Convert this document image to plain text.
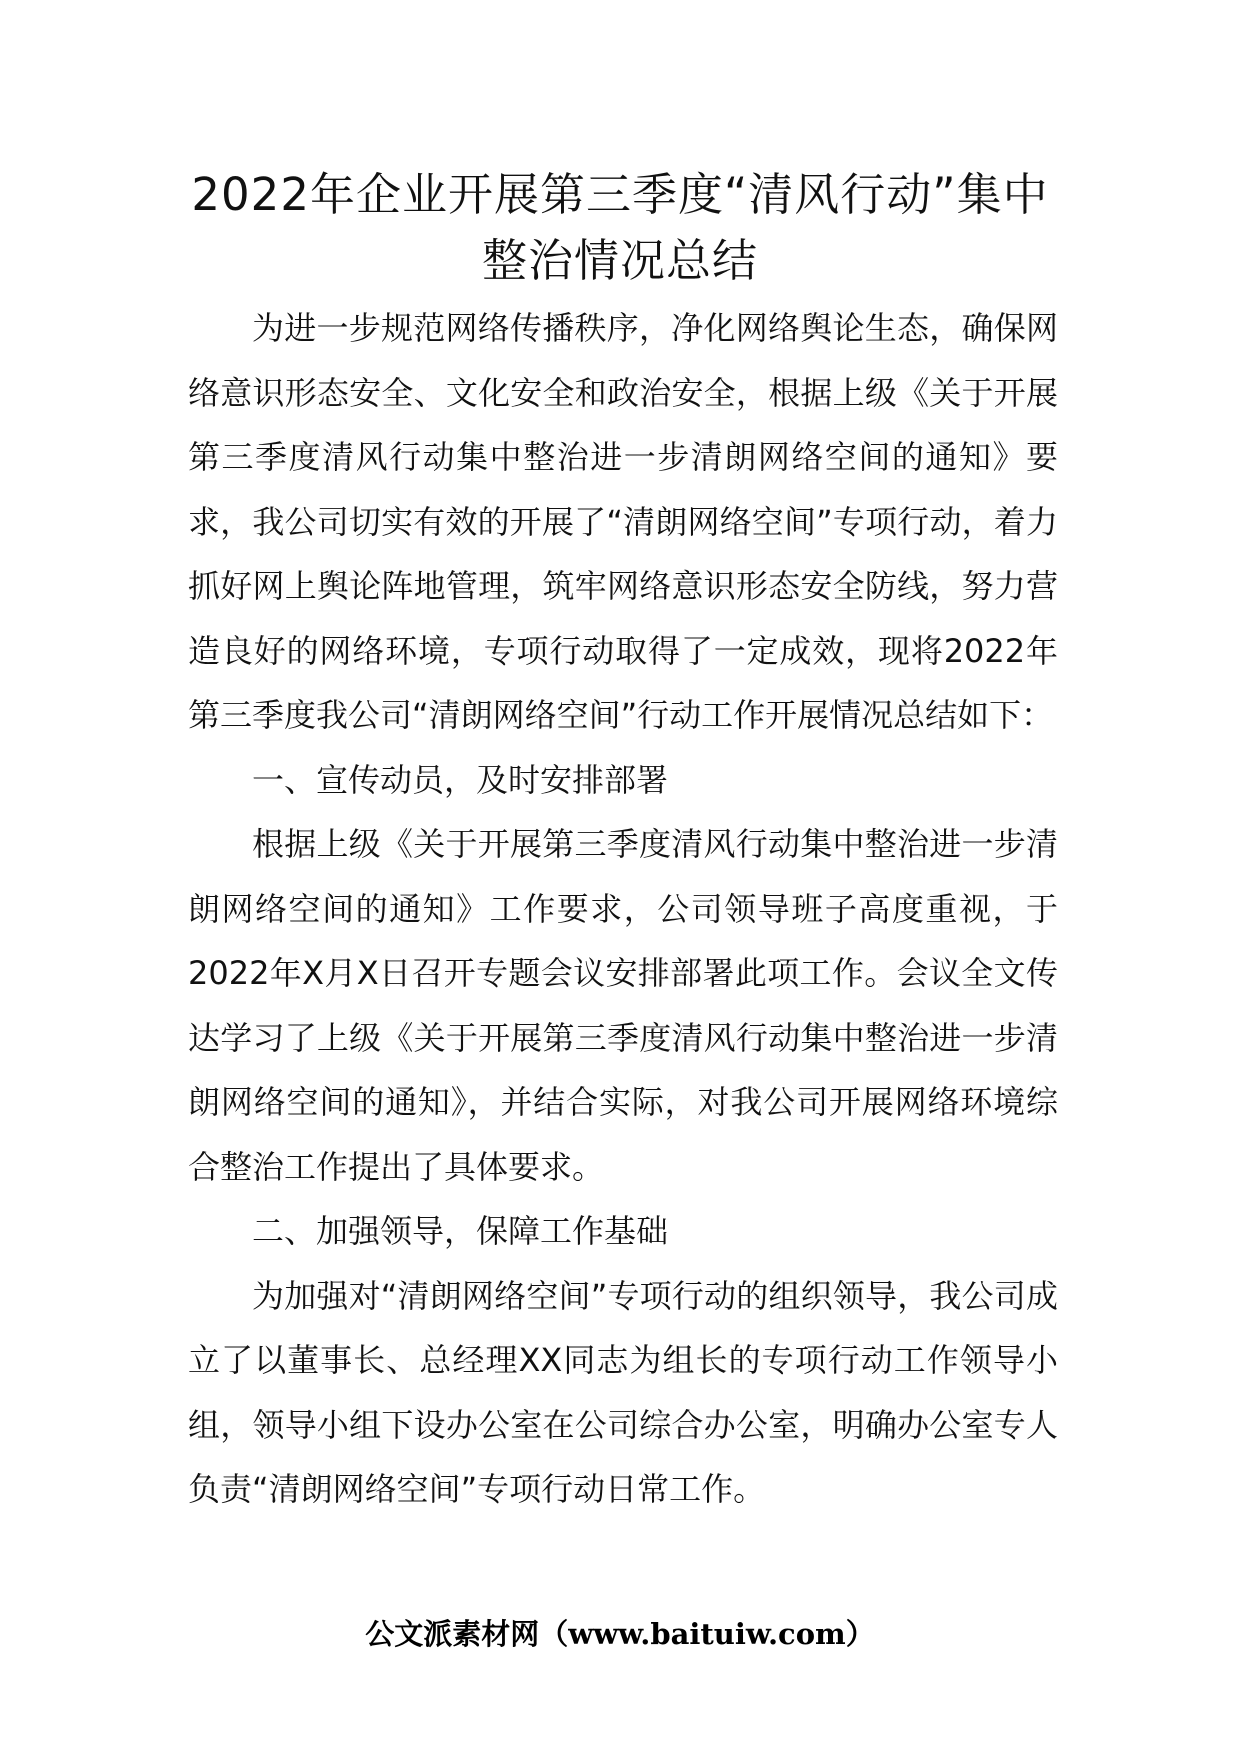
2022年企业开展第三季度“清风行动”集中整治情况总结

为进一步规范网络传播秩序，净化网络舆论生态，确保网络意识形态安全、文化安全和政治安全，根据上级《关于开展第三季度清风行动集中整治进一步清朗网络空间的通知》要求，我公司切实有效的开展了“清朗网络空间”专项行动，着力抓好网上舆论阵地管理，筑牢网络意识形态安全防线，努力营造良好的网络环境，专项行动取得了一定成效，现将2022年第三季度我公司“清朗网络空间”行动工作开展情况总结如下：

一、宣传动员，及时安排部署

根据上级《关于开展第三季度清风行动集中整治进一步清朗网络空间的通知》工作要求，公司领导班子高度重视，于2022年X月X日召开专题会议安排部署此项工作。会议全文传达学习了上级《关于开展第三季度清风行动集中整治进一步清朗网络空间的通知》，并结合实际，对我公司开展网络环境综合整治工作提出了具体要求。

二、加强领导，保障工作基础

为加强对“清朗网络空间”专项行动的组织领导，我公司成立了以董事长、总经理XX同志为组长的专项行动工作领导小组，领导小组下设办公室在公司综合办公室，明确办公室专人负责“清朗网络空间”专项行动日常工作。

公文派素材网（www.baituiw.com）
